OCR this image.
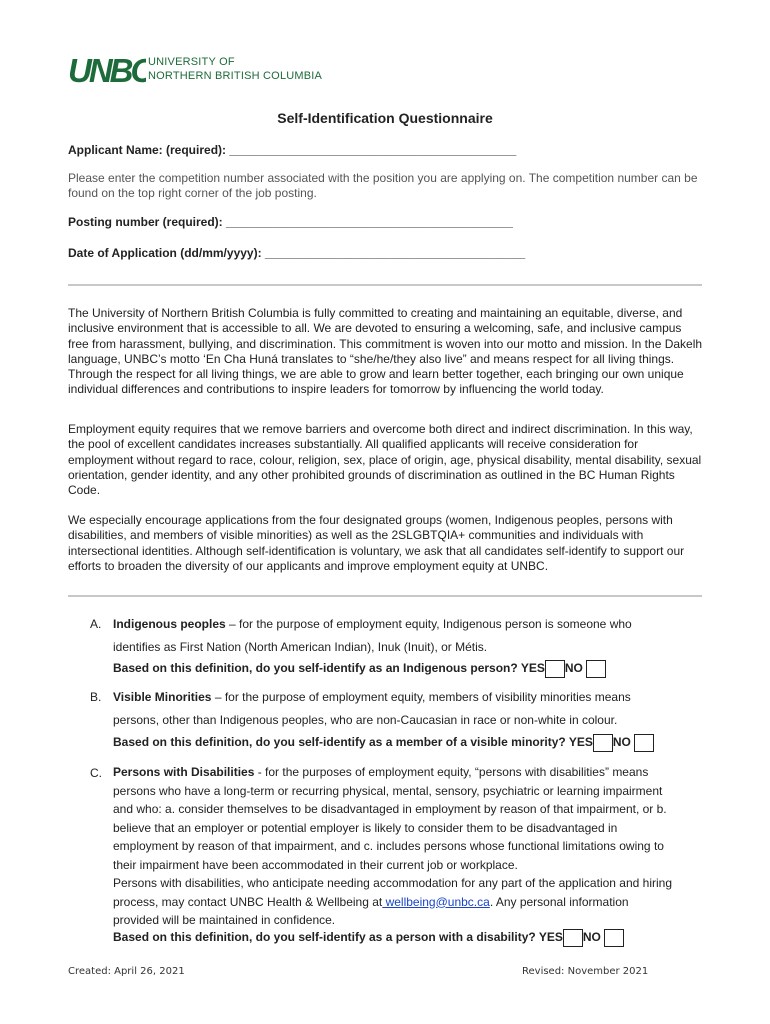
UNBC
UNIVERSITY OF
NORTHERN BRITISH COLUMBIA
Self-Identification Questionnaire
Applicant Name: (required): ___________________________________________
Please enter the competition number associated with the position you are applying on. The competition number can be found on the top right corner of the job posting.
Posting number (required): ___________________________________________
Date of Application (dd/mm/yyyy): _______________________________________
The University of Northern British Columbia is fully committed to creating and maintaining an equitable, diverse, and inclusive environment that is accessible to all. We are devoted to ensuring a welcoming, safe, and inclusive campus free from harassment, bullying, and discrimination. This commitment is woven into our motto and mission. In the Dakelh language, UNBC’s motto ‘En Cha Huná translates to “she/he/they also live” and means respect for all living things. Through the respect for all living things, we are able to grow and learn better together, each bringing our own unique individual differences and contributions to inspire leaders for tomorrow by influencing the world today.
Employment equity requires that we remove barriers and overcome both direct and indirect discrimination. In this way, the pool of excellent candidates increases substantially. All qualified applicants will receive consideration for employment without regard to race, colour, religion, sex, place of origin, age, physical disability, mental disability, sexual orientation, gender identity, and any other prohibited grounds of discrimination as outlined in the BC Human Rights Code.
We especially encourage applications from the four designated groups (women, Indigenous peoples, persons with disabilities, and members of visible minorities) as well as the 2SLGBTQIA+ communities and individuals with intersectional identities. Although self-identification is voluntary, we ask that all candidates self-identify to support our efforts to broaden the diversity of our applicants and improve employment equity at UNBC.
A. Indigenous peoples – for the purpose of employment equity, Indigenous person is someone who
identifies as First Nation (North American Indian), Inuk (Inuit), or Métis.
Based on this definition, do you self-identify as an Indigenous person? YES NO
B. Visible Minorities – for the purpose of employment equity, members of visibility minorities means
persons, other than Indigenous peoples, who are non-Caucasian in race or non-white in colour.
Based on this definition, do you self-identify as a member of a visible minority? YES NO
C. Persons with Disabilities - for the purposes of employment equity, “persons with disabilities” means
persons who have a long-term or recurring physical, mental, sensory, psychiatric or learning impairment
and who: a. consider themselves to be disadvantaged in employment by reason of that impairment, or b.
believe that an employer or potential employer is likely to consider them to be disadvantaged in
employment by reason of that impairment, and c. includes persons whose functional limitations owing to
their impairment have been accommodated in their current job or workplace.
Persons with disabilities, who anticipate needing accommodation for any part of the application and hiring
process, may contact UNBC Health & Wellbeing at wellbeing@unbc.ca. Any personal information
provided will be maintained in confidence.
Based on this definition, do you self-identify as a person with a disability? YES NO
Created: April 26, 2021	Revised: November 2021
